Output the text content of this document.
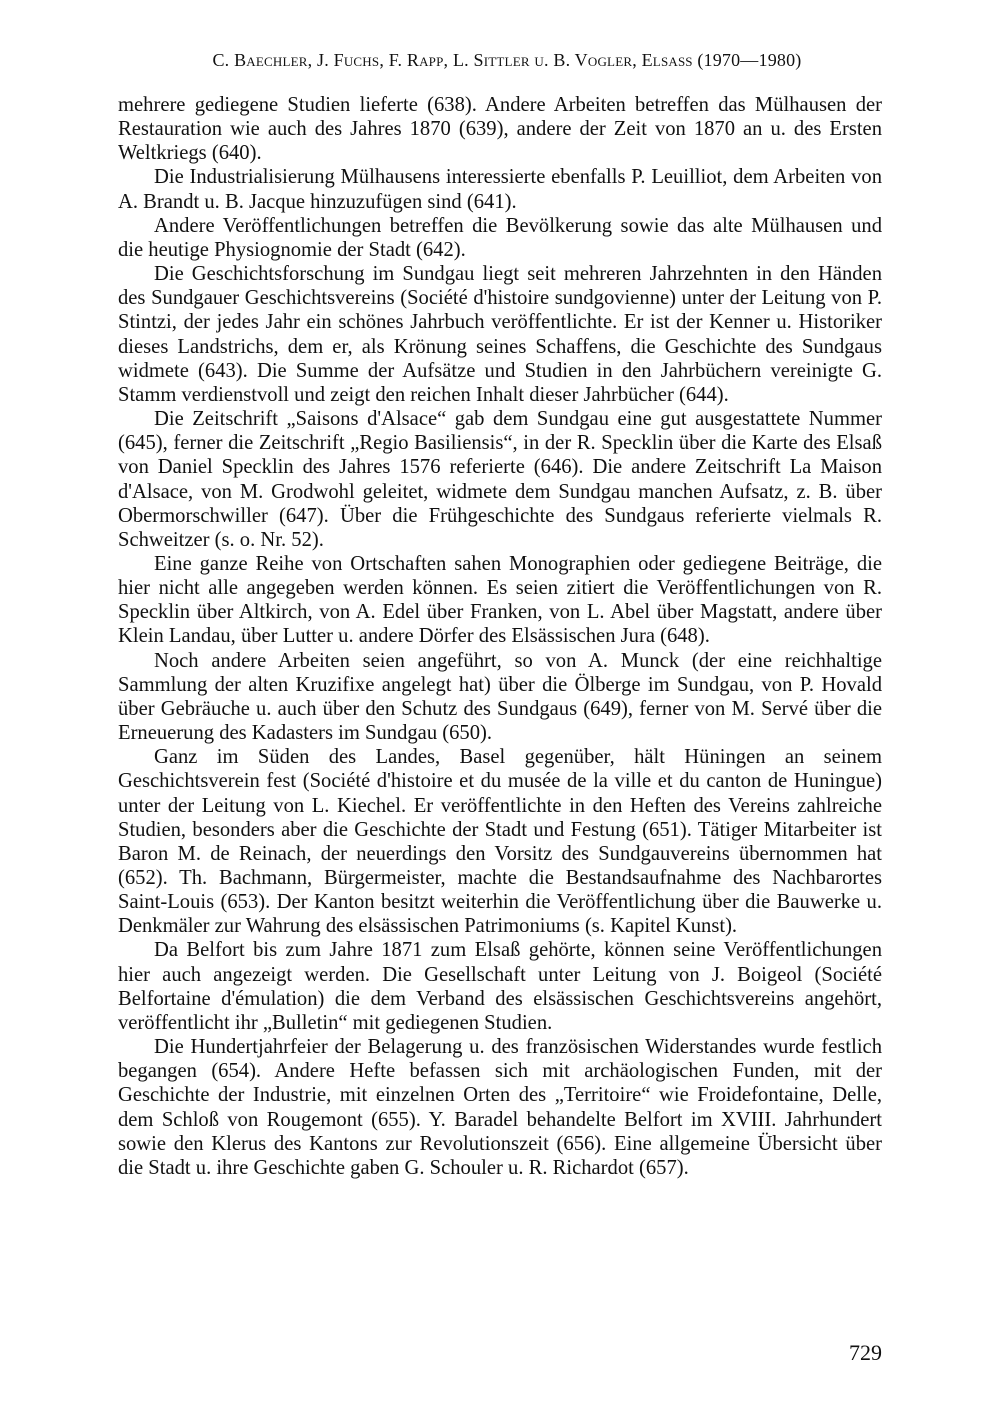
C. Baechler, J. Fuchs, F. Rapp, L. Sittler u. B. Vogler, Elsaß (1970—1980)

mehrere gediegene Studien lieferte (638). Andere Arbeiten betreffen das Mülhausen der Restauration wie auch des Jahres 1870 (639), andere der Zeit von 1870 an u. des Ersten Weltkriegs (640).

Die Industrialisierung Mülhausens interessierte ebenfalls P. Leuilliot, dem Arbeiten von A. Brandt u. B. Jacque hinzuzufügen sind (641).

Andere Veröffentlichungen betreffen die Bevölkerung sowie das alte Mülhausen und die heutige Physiognomie der Stadt (642).

Die Geschichtsforschung im Sundgau liegt seit mehreren Jahrzehnten in den Händen des Sundgauer Geschichtsvereins (Société d'histoire sundgovienne) unter der Leitung von P. Stintzi, der jedes Jahr ein schönes Jahrbuch veröffentlichte. Er ist der Kenner u. Historiker dieses Landstrichs, dem er, als Krönung seines Schaffens, die Geschichte des Sundgaus widmete (643). Die Summe der Aufsätze und Studien in den Jahrbüchern vereinigte G. Stamm verdienstvoll und zeigt den reichen Inhalt dieser Jahrbücher (644).

Die Zeitschrift „Saisons d'Alsace“ gab dem Sundgau eine gut ausgestattete Nummer (645), ferner die Zeitschrift „Regio Basiliensis“, in der R. Specklin über die Karte des Elsaß von Daniel Specklin des Jahres 1576 referierte (646). Die andere Zeitschrift La Maison d'Alsace, von M. Grodwohl geleitet, widmete dem Sundgau manchen Aufsatz, z. B. über Obermorschwiller (647). Über die Frühgeschichte des Sundgaus referierte vielmals R. Schweitzer (s. o. Nr. 52).

Eine ganze Reihe von Ortschaften sahen Monographien oder gediegene Beiträge, die hier nicht alle angegeben werden können. Es seien zitiert die Veröffentlichungen von R. Specklin über Altkirch, von A. Edel über Franken, von L. Abel über Magstatt, andere über Klein Landau, über Lutter u. andere Dörfer des Elsässischen Jura (648).

Noch andere Arbeiten seien angeführt, so von A. Munck (der eine reichhaltige Sammlung der alten Kruzifixe angelegt hat) über die Ölberge im Sundgau, von P. Hovald über Gebräuche u. auch über den Schutz des Sundgaus (649), ferner von M. Servé über die Erneuerung des Kadasters im Sundgau (650).

Ganz im Süden des Landes, Basel gegenüber, hält Hüningen an seinem Geschichtsverein fest (Société d'histoire et du musée de la ville et du canton de Huningue) unter der Leitung von L. Kiechel. Er veröffentlichte in den Heften des Vereins zahlreiche Studien, besonders aber die Geschichte der Stadt und Festung (651). Tätiger Mitarbeiter ist Baron M. de Reinach, der neuerdings den Vorsitz des Sundgauvereins übernommen hat (652). Th. Bachmann, Bürgermeister, machte die Bestandsaufnahme des Nachbarortes Saint-Louis (653). Der Kanton besitzt weiterhin die Veröffentlichung über die Bauwerke u. Denkmäler zur Wahrung des elsässischen Patrimoniums (s. Kapitel Kunst).

Da Belfort bis zum Jahre 1871 zum Elsaß gehörte, können seine Veröffentlichungen hier auch angezeigt werden. Die Gesellschaft unter Leitung von J. Boigeol (Société Belfortaine d'émulation) die dem Verband des elsässischen Geschichtsvereins angehört, veröffentlicht ihr „Bulletin“ mit gediegenen Studien.

Die Hundertjahrfeier der Belagerung u. des französischen Widerstandes wurde festlich begangen (654). Andere Hefte befassen sich mit archäologischen Funden, mit der Geschichte der Industrie, mit einzelnen Orten des „Territoire“ wie Froidefontaine, Delle, dem Schloß von Rougemont (655). Y. Baradel behandelte Belfort im XVIII. Jahrhundert sowie den Klerus des Kantons zur Revolutionszeit (656). Eine allgemeine Übersicht über die Stadt u. ihre Geschichte gaben G. Schouler u. R. Richardot (657).

729
